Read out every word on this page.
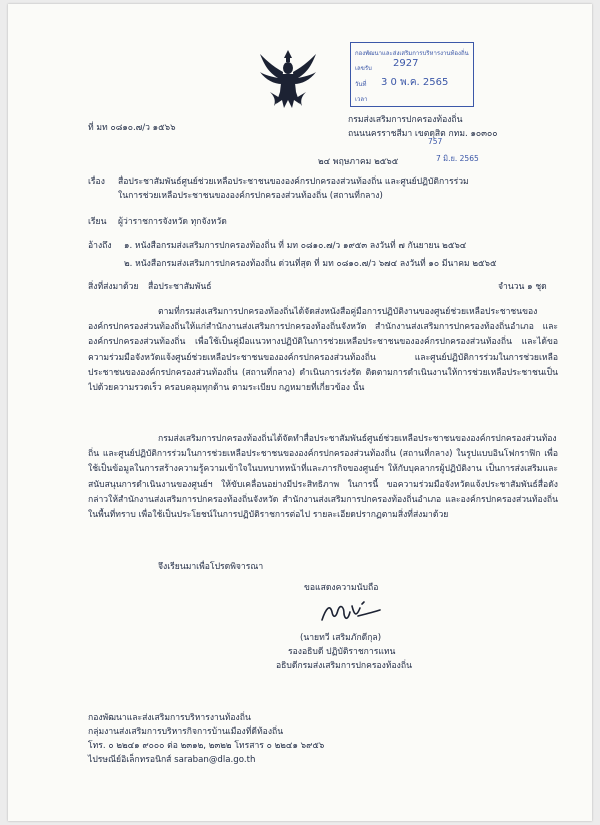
กองพัฒนาและส่งเสริมการบริหารงานท้องถิ่น
เลขรับ 2927
วันที่ 3 0 พ.ค. 2565
เวลา
757
7 มิ.ย. 2565
ที่ มท ๐๘๑๐.๗/ว ๑๕๖๖
กรมส่งเสริมการปกครองท้องถิ่น
ถนนนครราชสีมา เขตดุสิต กทม. ๑๐๓๐๐
๒๔ พฤษภาคม ๒๕๖๕
เรื่อง สื่อประชาสัมพันธ์ศูนย์ช่วยเหลือประชาชนขององค์กรปกครองส่วนท้องถิ่น และศูนย์ปฏิบัติการร่วม
ในการช่วยเหลือประชาชนขององค์กรปกครองส่วนท้องถิ่น (สถานที่กลาง)
เรียน ผู้ว่าราชการจังหวัด ทุกจังหวัด
อ้างถึง ๑. หนังสือกรมส่งเสริมการปกครองท้องถิ่น ที่ มท ๐๘๑๐.๗/ว ๑๙๕๓ ลงวันที่ ๗ กันยายน ๒๕๖๔
๒. หนังสือกรมส่งเสริมการปกครองท้องถิ่น ด่วนที่สุด ที่ มท ๐๘๑๐.๗/ว ๖๗๔ ลงวันที่ ๑๐ มีนาคม ๒๕๖๕
สิ่งที่ส่งมาด้วย สื่อประชาสัมพันธ์	จำนวน ๑ ชุด
ตามที่กรมส่งเสริมการปกครองท้องถิ่นได้จัดส่งหนังสือคู่มือการปฏิบัติงานของศูนย์ช่วยเหลือประชาชนขององค์กรปกครองส่วนท้องถิ่นให้แก่สำนักงานส่งเสริมการปกครองท้องถิ่นจังหวัด สำนักงานส่งเสริมการปกครองท้องถิ่นอำเภอ และองค์กรปกครองส่วนท้องถิ่น เพื่อใช้เป็นคู่มือแนวทางปฏิบัติในการช่วยเหลือประชาชนขององค์กรปกครองส่วนท้องถิ่น และได้ขอความร่วมมือจังหวัดแจ้งศูนย์ช่วยเหลือประชาชนขององค์กรปกครองส่วนท้องถิ่น และศูนย์ปฏิบัติการร่วมในการช่วยเหลือประชาชนขององค์กรปกครองส่วนท้องถิ่น (สถานที่กลาง) ดำเนินการเร่งรัด ติดตามการดำเนินงานให้การช่วยเหลือประชาชนเป็นไปด้วยความรวดเร็ว ครอบคลุมทุกด้าน ตามระเบียบ กฎหมายที่เกี่ยวข้อง นั้น
กรมส่งเสริมการปกครองท้องถิ่นได้จัดทำสื่อประชาสัมพันธ์ศูนย์ช่วยเหลือประชาชนขององค์กรปกครองส่วนท้องถิ่น และศูนย์ปฏิบัติการร่วมในการช่วยเหลือประชาชนขององค์กรปกครองส่วนท้องถิ่น (สถานที่กลาง) ในรูปแบบอินโฟกราฟิก เพื่อใช้เป็นข้อมูลในการสร้างความรู้ความเข้าใจในบทบาทหน้าที่และภารกิจของศูนย์ฯ ให้กับบุคลากรผู้ปฏิบัติงาน เป็นการส่งเสริมและสนับสนุนการดำเนินงานของศูนย์ฯ ให้ขับเคลื่อนอย่างมีประสิทธิภาพ ในการนี้ ขอความร่วมมือจังหวัดแจ้งประชาสัมพันธ์สื่อดังกล่าวให้สำนักงานส่งเสริมการปกครองท้องถิ่นจังหวัด สำนักงานส่งเสริมการปกครองท้องถิ่นอำเภอ และองค์กรปกครองส่วนท้องถิ่นในพื้นที่ทราบ เพื่อใช้เป็นประโยชน์ในการปฏิบัติราชการต่อไป รายละเอียดปรากฏตามสิ่งที่ส่งมาด้วย
จึงเรียนมาเพื่อโปรดพิจารณา
ขอแสดงความนับถือ
(นายทวี เสริมภักดีกุล)
รองอธิบดี ปฏิบัติราชการแทน
อธิบดีกรมส่งเสริมการปกครองท้องถิ่น
กองพัฒนาและส่งเสริมการบริหารงานท้องถิ่น
กลุ่มงานส่งเสริมการบริหารกิจการบ้านเมืองที่ดีท้องถิ่น
โทร. ๐ ๒๒๔๑ ๙๐๐๐ ต่อ ๒๓๑๒, ๒๓๒๒ โทรสาร ๐ ๒๒๔๑ ๖๙๕๖
ไปรษณีย์อิเล็กทรอนิกส์ saraban@dla.go.th
